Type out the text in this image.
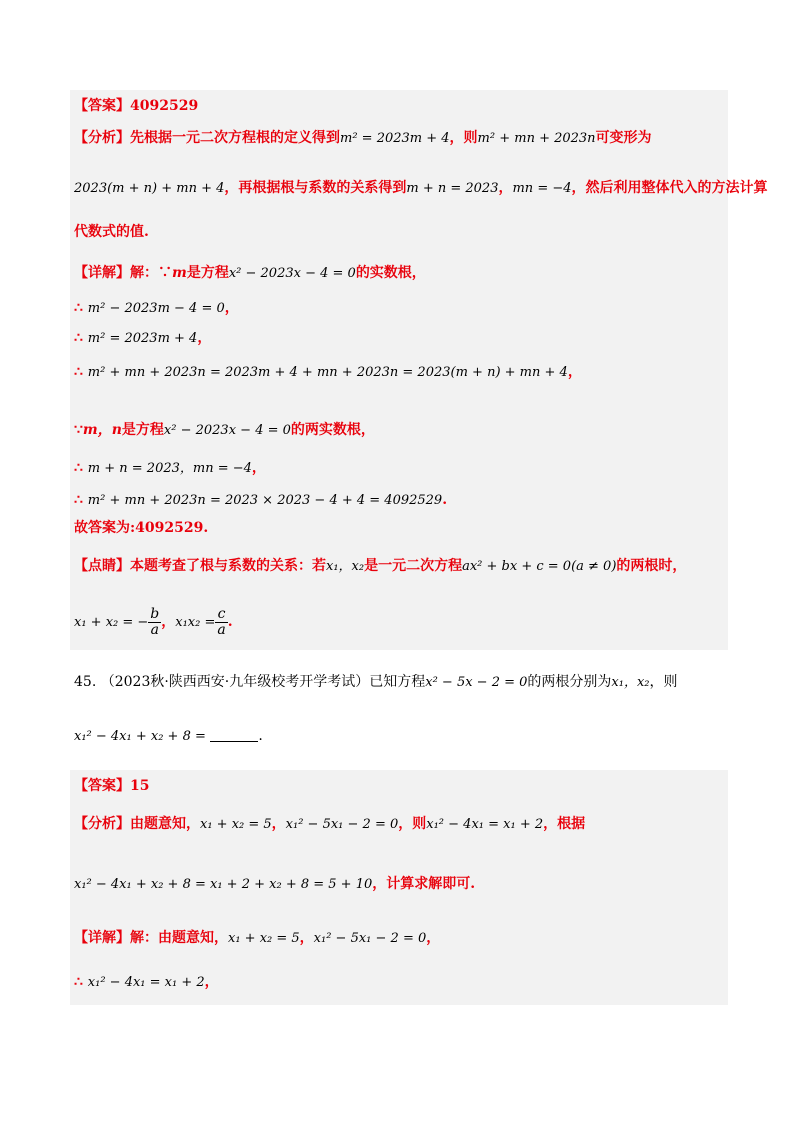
【答案】4092529
【分析】先根据一元二次方程根的定义得到m² = 2023m + 4，则m² + mn + 2023n可变形为
2023(m + n) + mn + 4，再根据根与系数的关系得到m + n = 2023，mn = −4，然后利用整体代入的方法计算
代数式的值.
【详解】解：∵m是方程x² − 2023x − 4 = 0的实数根，
∴ m² − 2023m − 4 = 0，
∴ m² = 2023m + 4，
∴ m² + mn + 2023n = 2023m + 4 + mn + 2023n = 2023(m + n) + mn + 4，
∵m，n是方程x² − 2023x − 4 = 0的两实数根，
∴ m + n = 2023，mn = −4，
∴ m² + mn + 2023n = 2023 × 2023 − 4 + 4 = 4092529.
故答案为:4092529.
【点睛】本题考查了根与系数的关系：若x₁，x₂是一元二次方程ax² + bx + c = 0(a ≠ 0)的两根时，
x₁ + x₂ = − $\frac{b}{a}$ ，$x_1x_2 = \frac{c}{a}$ .
45. （2023秋·陕西西安·九年级校考开学考试）已知方程x² − 5x − 2 = 0的两根分别为x₁，x₂，则
x₁² − 4x₁ + x₂ + 8 =	.
【答案】15
【分析】由题意知，x₁ + x₂ = 5，x₁² − 5x₁ − 2 = 0，则x₁² − 4x₁ = x₁ + 2，根据
x₁² − 4x₁ + x₂ + 8 = x₁ + 2 + x₂ + 8 = 5 + 10，计算求解即可.
【详解】解：由题意知，x₁ + x₂ = 5，x₁² − 5x₁ − 2 = 0，
∴ x₁² − 4x₁ = x₁ + 2，
